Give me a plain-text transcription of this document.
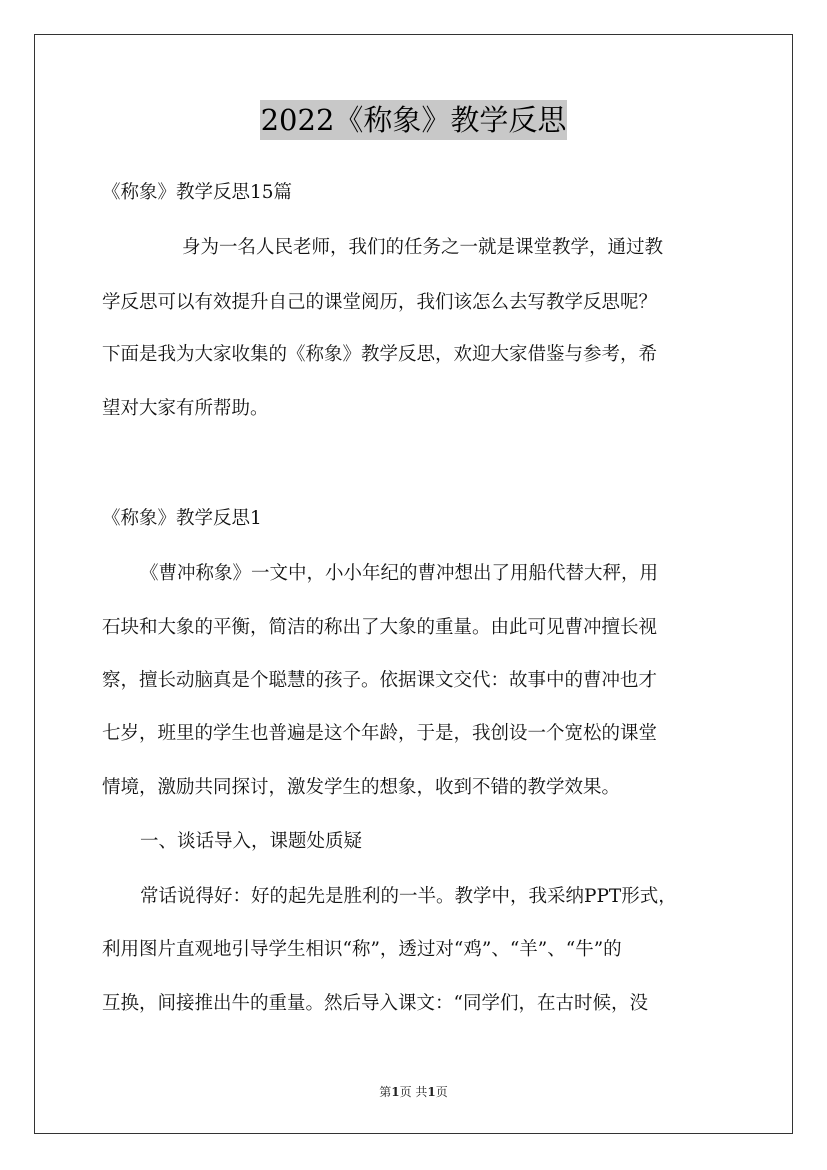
2022《称象》教学反思
《称象》教学反思15篇
身为一名人民老师，我们的任务之一就是课堂教学，通过教
学反思可以有效提升自己的课堂阅历，我们该怎么去写教学反思呢？
下面是我为大家收集的《称象》教学反思，欢迎大家借鉴与参考，希
望对大家有所帮助。
《称象》教学反思1
《曹冲称象》一文中，小小年纪的曹冲想出了用船代替大秤，用
石块和大象的平衡，简洁的称出了大象的重量。由此可见曹冲擅长视
察，擅长动脑真是个聪慧的孩子。依据课文交代：故事中的曹冲也才
七岁，班里的学生也普遍是这个年龄，于是，我创设一个宽松的课堂
情境，激励共同探讨，激发学生的想象，收到不错的教学效果。
一、谈话导入，课题处质疑
常话说得好：好的起先是胜利的一半。教学中，我采纳PPT形式，
利用图片直观地引导学生相识“称”，透过对“鸡”、“羊”、“牛”的
互换，间接推出牛的重量。然后导入课文：“同学们，在古时候，没
第1页 共1页
